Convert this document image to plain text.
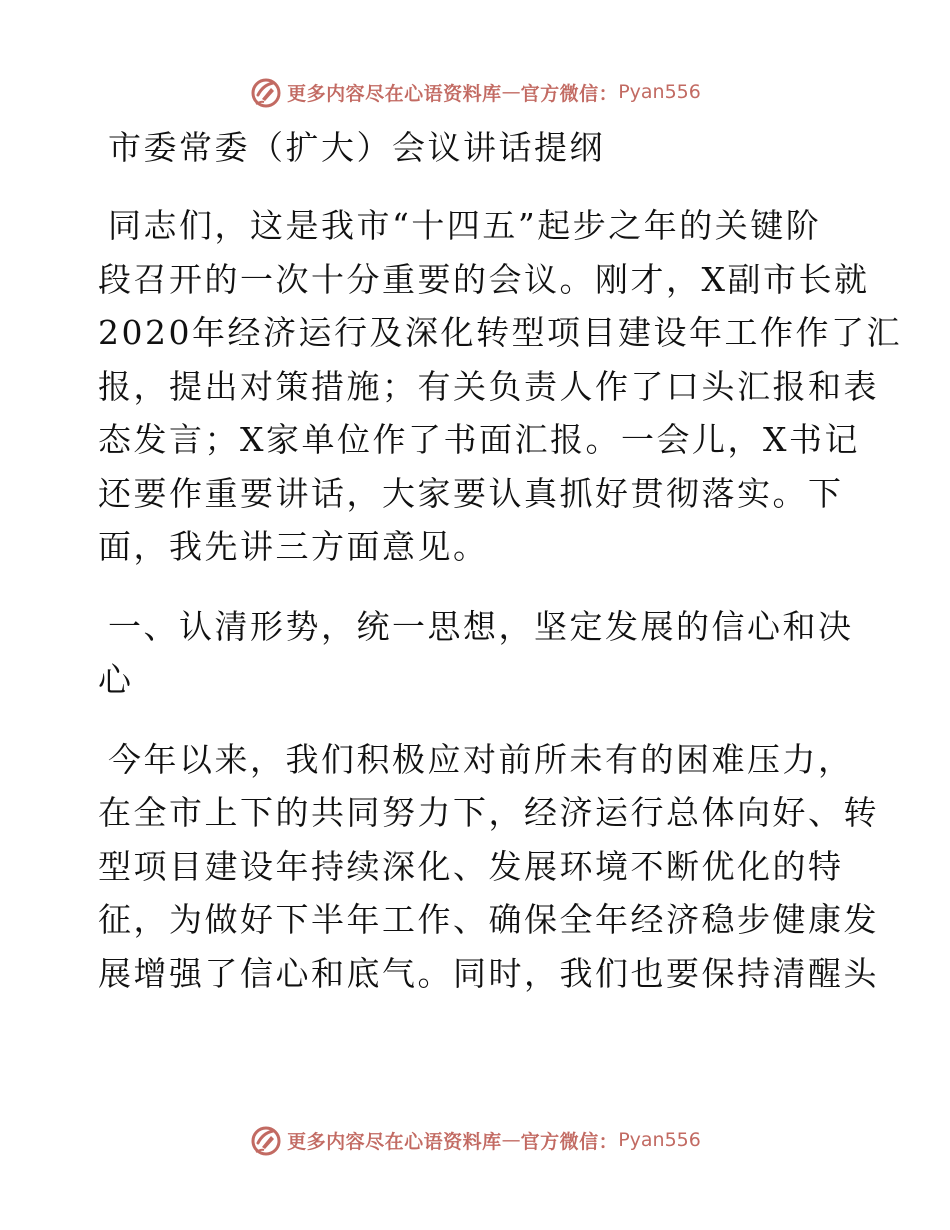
更多内容尽在心语资料库 — 官方微信： Pyan556
市委常委（扩大）会议讲话提纲

同志们，这是我市“十四五”起步之年的关键阶
段召开的一次十分重要的会议。刚才，X副市长就
2020年经济运行及深化转型项目建设年工作作了汇
报，提出对策措施；有关负责人作了口头汇报和表
态发言；X家单位作了书面汇报。一会儿，X书记
还要作重要讲话，大家要认真抓好贯彻落实。下
面，我先讲三方面意见。

一、认清形势，统一思想，坚定发展的信心和决
心

今年以来，我们积极应对前所未有的困难压力，
在全市上下的共同努力下，经济运行总体向好、转
型项目建设年持续深化、发展环境不断优化的特
征，为做好下半年工作、确保全年经济稳步健康发
展增强了信心和底气。同时，我们也要保持清醒头

更多内容尽在心语资料库 — 官方微信： Pyan556
